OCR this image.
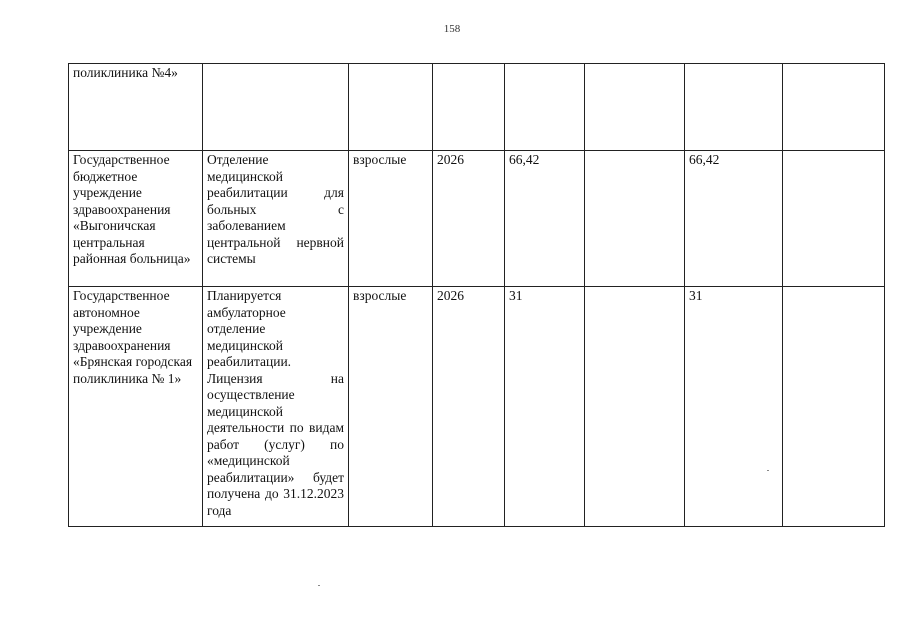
158
поликлиника №4»							
Государственное бюджетное учреждение здравоохранения «Выгоничская центральная районная больница»	Отделение медицинской реабилитации для больных с заболеванием центральной нервной системы	взрослые	2026	66,42		66,42	
Государственное автономное учреждение здравоохранения «Брянская городская поликлиника № 1»	Планируется амбулаторное отделение медицинской реабилитации. Лицензия на осуществление медицинской деятельности по видам работ (услуг) по «медицинской реабилитации» будет получена до 31.12.2023 года	взрослые	2026	31		31	
